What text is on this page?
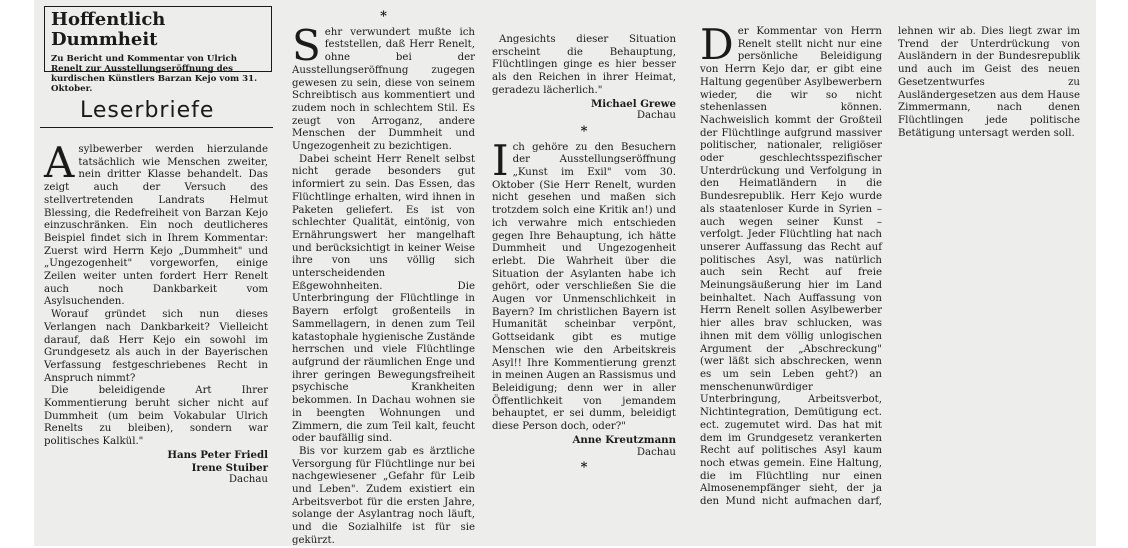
Hoffentlich Dummheit
Zu Bericht und Kommentar von Ulrich Renelt zur Ausstellungseröffnung des kurdischen Künstlers Barzan Kejo vom 31. Oktober.
Leserbriefe

Asylbewerber werden hierzulande tatsächlich wie Menschen zweiter, nein dritter Klasse behandelt. Das zeigt auch der Versuch des stellvertretenden Landrats Helmut Blessing, die Redefreiheit von Barzan Kejo einzuschränken. Ein noch deutlicheres Beispiel findet sich in Ihrem Kommentar: Zuerst wird Herrn Kejo „Dummheit" und „Ungezogenheit" vorgeworfen, einige Zeilen weiter unten fordert Herr Renelt auch noch Dankbarkeit vom Asylsuchenden.

Worauf gründet sich nun dieses Verlangen nach Dankbarkeit? Vielleicht darauf, daß Herr Kejo ein sowohl im Grundgesetz als auch in der Bayerischen Verfassung festgeschriebenes Recht in Anspruch nimmt?

Die beleidigende Art Ihrer Kommentierung beruht sicher nicht auf Dummheit (um beim Vokabular Ulrich Renelts zu bleiben), sondern war politisches Kalkül."

Hans Peter Friedl
Irene Stuiber
Dachau
*

Sehr verwundert mußte ich feststellen, daß Herr Renelt, ohne bei der Ausstellungseröffnung zugegen gewesen zu sein, diese von seinem Schreibtisch aus kommentiert und zudem noch in schlechtem Stil. Es zeugt von Arroganz, andere Menschen der Dummheit und Ungezogenheit zu bezichtigen.

Dabei scheint Herr Renelt selbst nicht gerade besonders gut informiert zu sein. Das Essen, das Flüchtlinge erhalten, wird ihnen in Paketen geliefert. Es ist von schlechter Qualität, eintönig, von Ernährungswert her mangelhaft und berücksichtigt in keiner Weise ihre von uns völlig sich unterscheidenden Eßgewohnheiten. Die Unterbringung der Flüchtlinge in Bayern erfolgt großenteils in Sammellagern, in denen zum Teil katastophale hygienische Zustände herrschen und viele Flüchtlinge aufgrund der räumlichen Enge und ihrer geringen Bewegungsfreiheit psychische Krankheiten bekommen. In Dachau wohnen sie in beengten Wohnungen und Zimmern, die zum Teil kalt, feucht oder baufällig sind.

Bis vor kurzem gab es ärztliche Versorgung für Flüchtlinge nur bei nachgewiesener „Gefahr für Leib und Leben". Zudem existiert ein Arbeitsverbot für die ersten Jahre, solange der Asylantrag noch läuft, und die Sozialhilfe ist für sie gekürzt.

Angesichts dieser Situation erscheint die Behauptung, Flüchtlingen ginge es hier besser als den Reichen in ihrer Heimat, geradezu lächerlich."

Michael Grewe
Dachau
*

Ich gehöre zu den Besuchern der Ausstellungseröffnung „Kunst im Exil" vom 30. Oktober (Sie Herr Renelt, wurden nicht gesehen und maßen sich trotzdem solch eine Kritik an!) und ich verwahre mich entschieden gegen Ihre Behauptung, ich hätte Dummheit und Ungezogenheit erlebt. Die Wahrheit über die Situation der Asylanten habe ich gehört, oder verschließen Sie die Augen vor Unmenschlichkeit in Bayern? Im christlichen Bayern ist Humanität scheinbar verpönt, Gottseidank gibt es mutige Menschen wie den Arbeitskreis Asyl!! Ihre Kommentierung grenzt in meinen Augen an Rassismus und Beleidigung; denn wer in aller Öffentlichkeit von jemandem behauptet, er sei dumm, beleidigt diese Person doch, oder?"

Anne Kreutzmann
Dachau
*

Der Kommentar von Herrn Renelt stellt nicht nur eine persönliche Beleidigung von Herrn Kejo dar, er gibt eine Haltung gegenüber Asylbewerbern wieder, die wir so nicht stehenlassen können. Nachweislich kommt der Großteil der Flüchtlinge aufgrund massiver politischer, nationaler, religiöser oder geschlechtsspezifischer Unterdrückung und Verfolgung in den Heimatländern in die Bundesrepublik. Herr Kejo wurde als staatenloser Kurde in Syrien – auch wegen seiner Kunst – verfolgt. Jeder Flüchtling hat nach unserer Auffassung das Recht auf politisches Asyl, was natürlich auch sein Recht auf freie Meinungsäußerung hier im Land beinhaltet. Nach Auffassung von Herrn Renelt sollen Asylbewerber hier alles brav schlucken, was ihnen mit dem völlig unlogischen Argument der „Abschreckung" (wer läßt sich abschrecken, wenn es um sein Leben geht?) an menschenunwürdiger Unterbringung, Arbeitsverbot, Nichtintegration, Demütigung ect. ect. zugemutet wird. Das hat mit dem im Grundgesetz verankerten Recht auf politisches Asyl kaum noch etwas gemein. Eine Haltung, die im Flüchtling nur einen Almosenempfänger sieht, der ja den Mund nicht aufmachen darf, lehnen wir ab. Dies liegt zwar im Trend der Unterdrückung von Ausländern in der Bundesrepublik und auch im Geist des neuen Gesetzentwurfes zu Ausländergesetzen aus dem Hause Zimmermann, nach denen Flüchtlingen jede politische Betätigung untersagt werden soll.
